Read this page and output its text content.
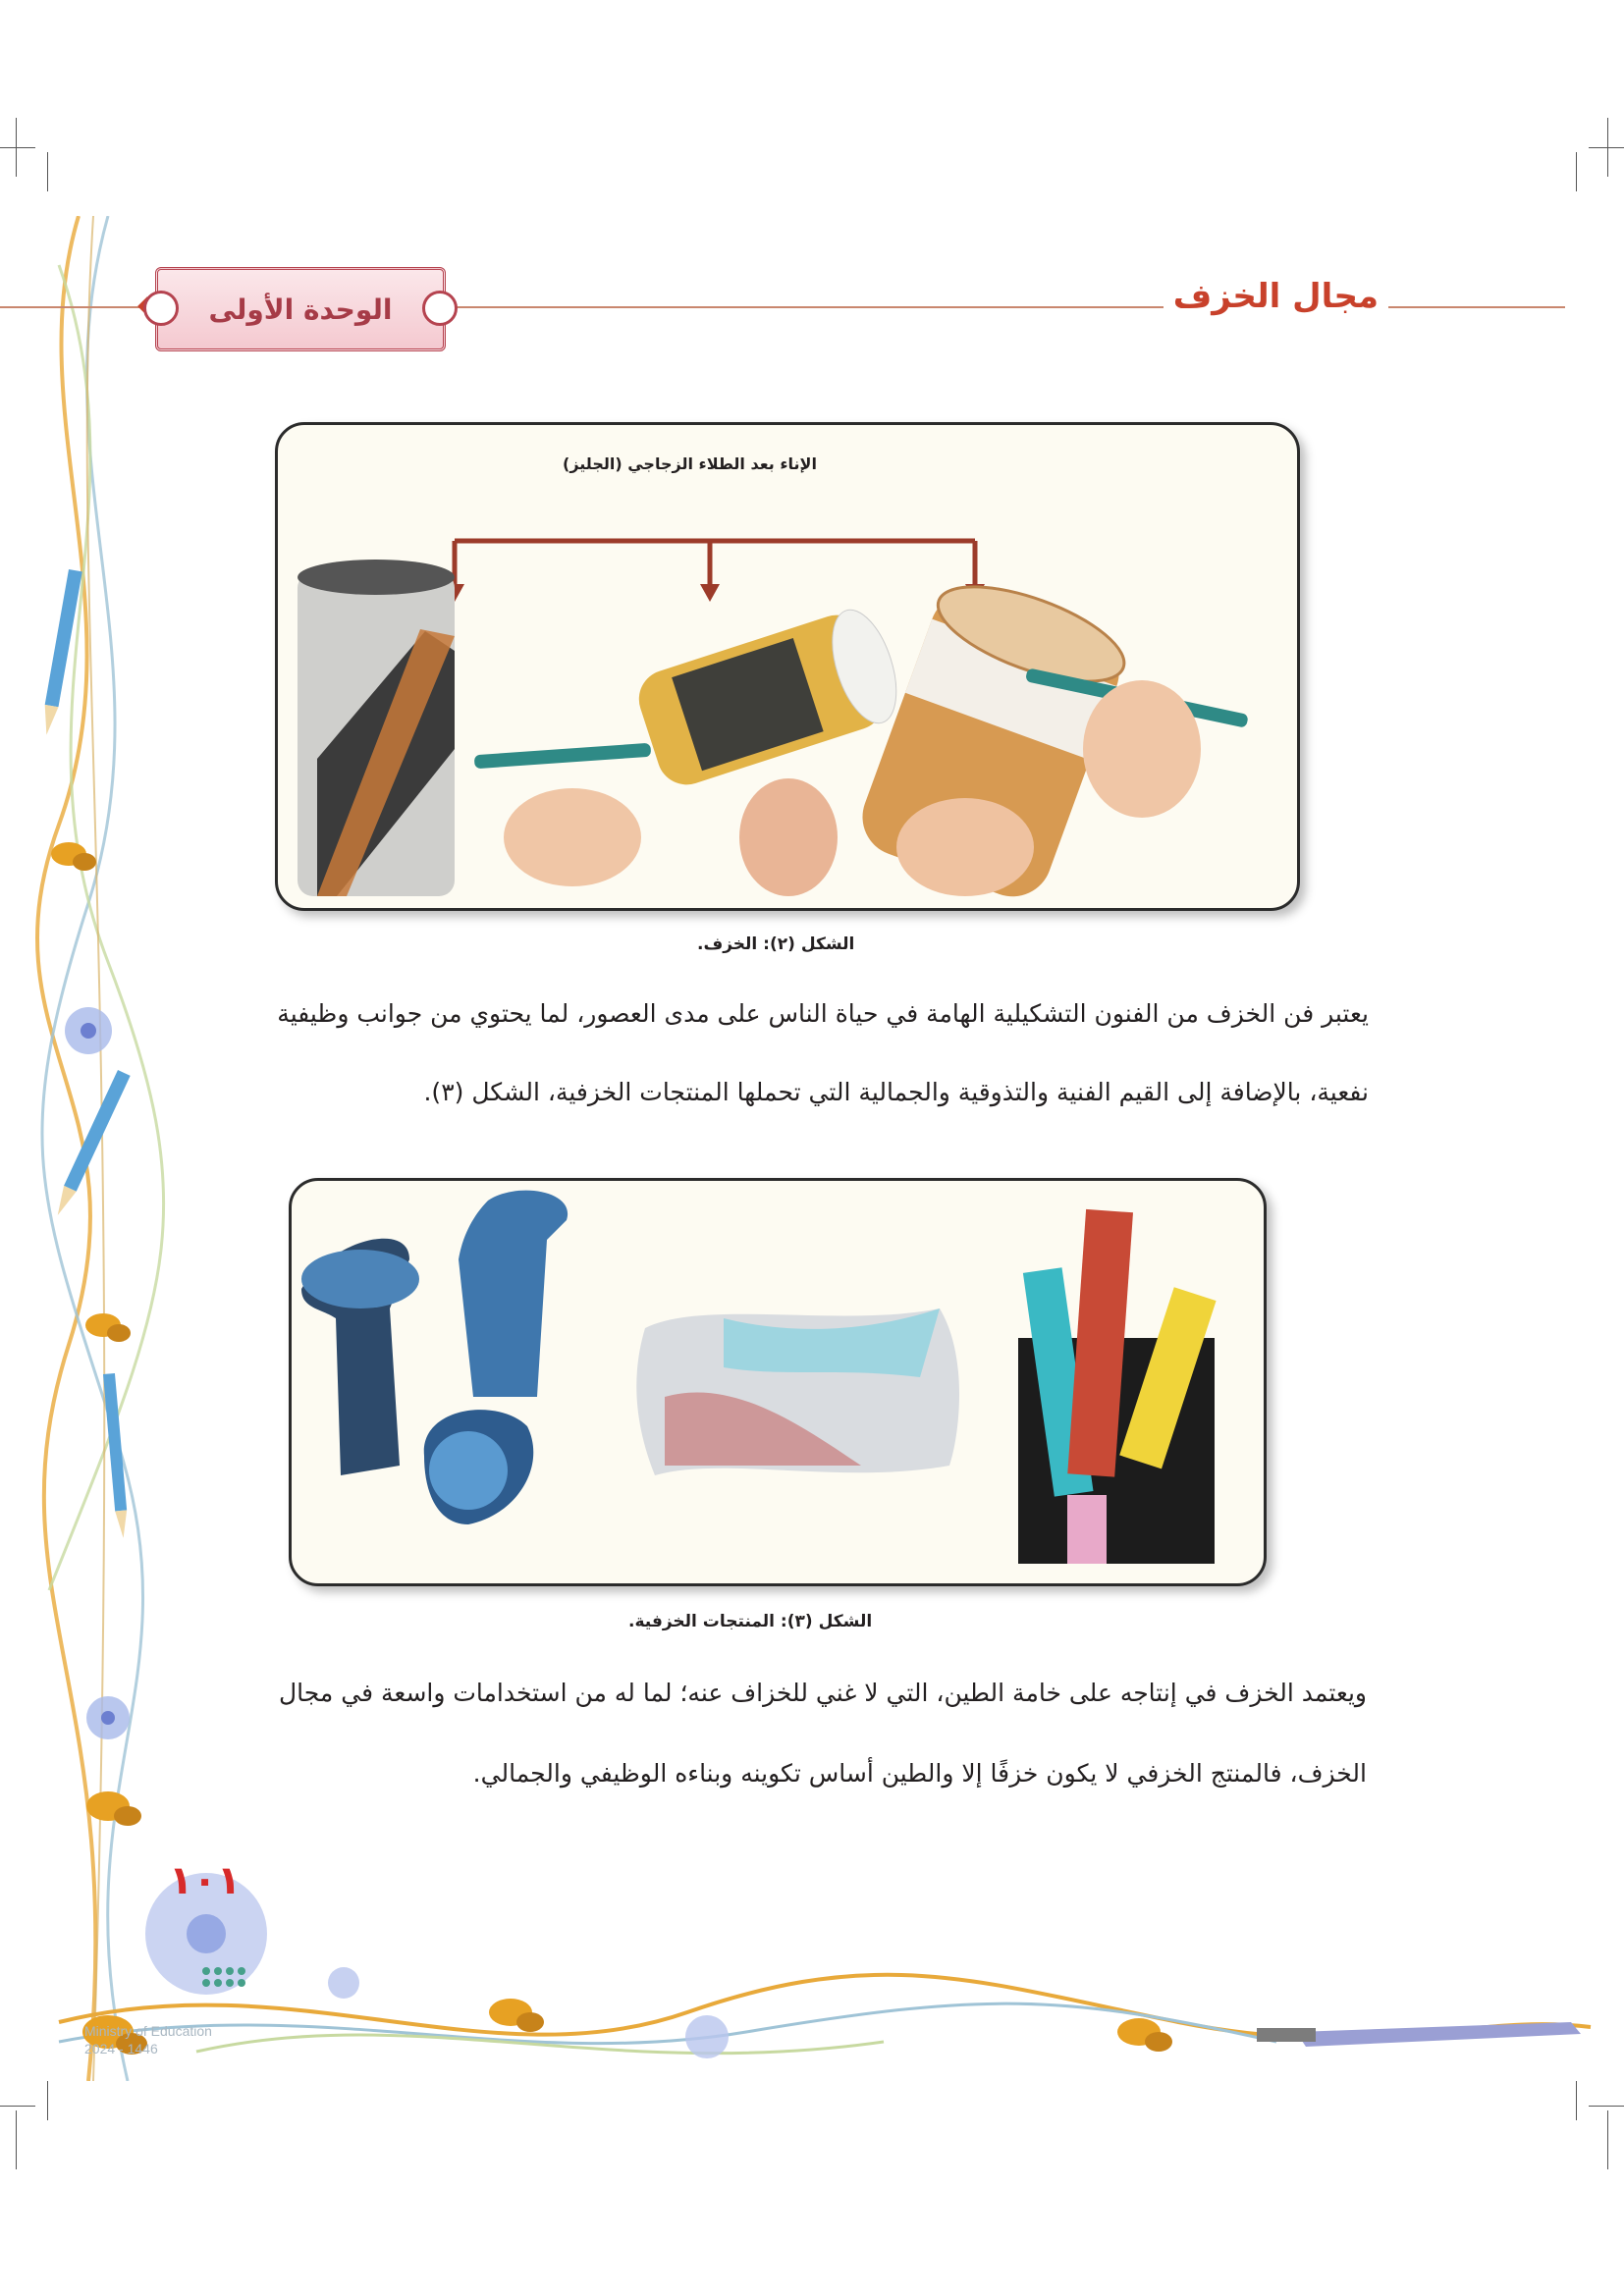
الوحدة الأولى	مجال الخزف
الإناء بعد الطلاء الزجاجي (الجليز)
الشكل (٢): الخزف.
يعتبر فن الخزف من الفنون التشكيلية الهامة في حياة الناس على مدى العصور، لما يحتوي من جوانب وظيفية
نفعية، بالإضافة إلى القيم الفنية والتذوقية والجمالية التي تحملها المنتجات الخزفية، الشكل (٣).
الشكل (٣): المنتجات الخزفية.
ويعتمد الخزف في إنتاجه على خامة الطين، التي لا غني للخزاف عنه؛ لما له من استخدامات واسعة في مجال
الخزف، فالمنتج الخزفي لا يكون خزفًا إلا والطين أساس تكوينه وبناءه الوظيفي والجمالي.
١٠١
Ministry of Education
2024 - 1446
